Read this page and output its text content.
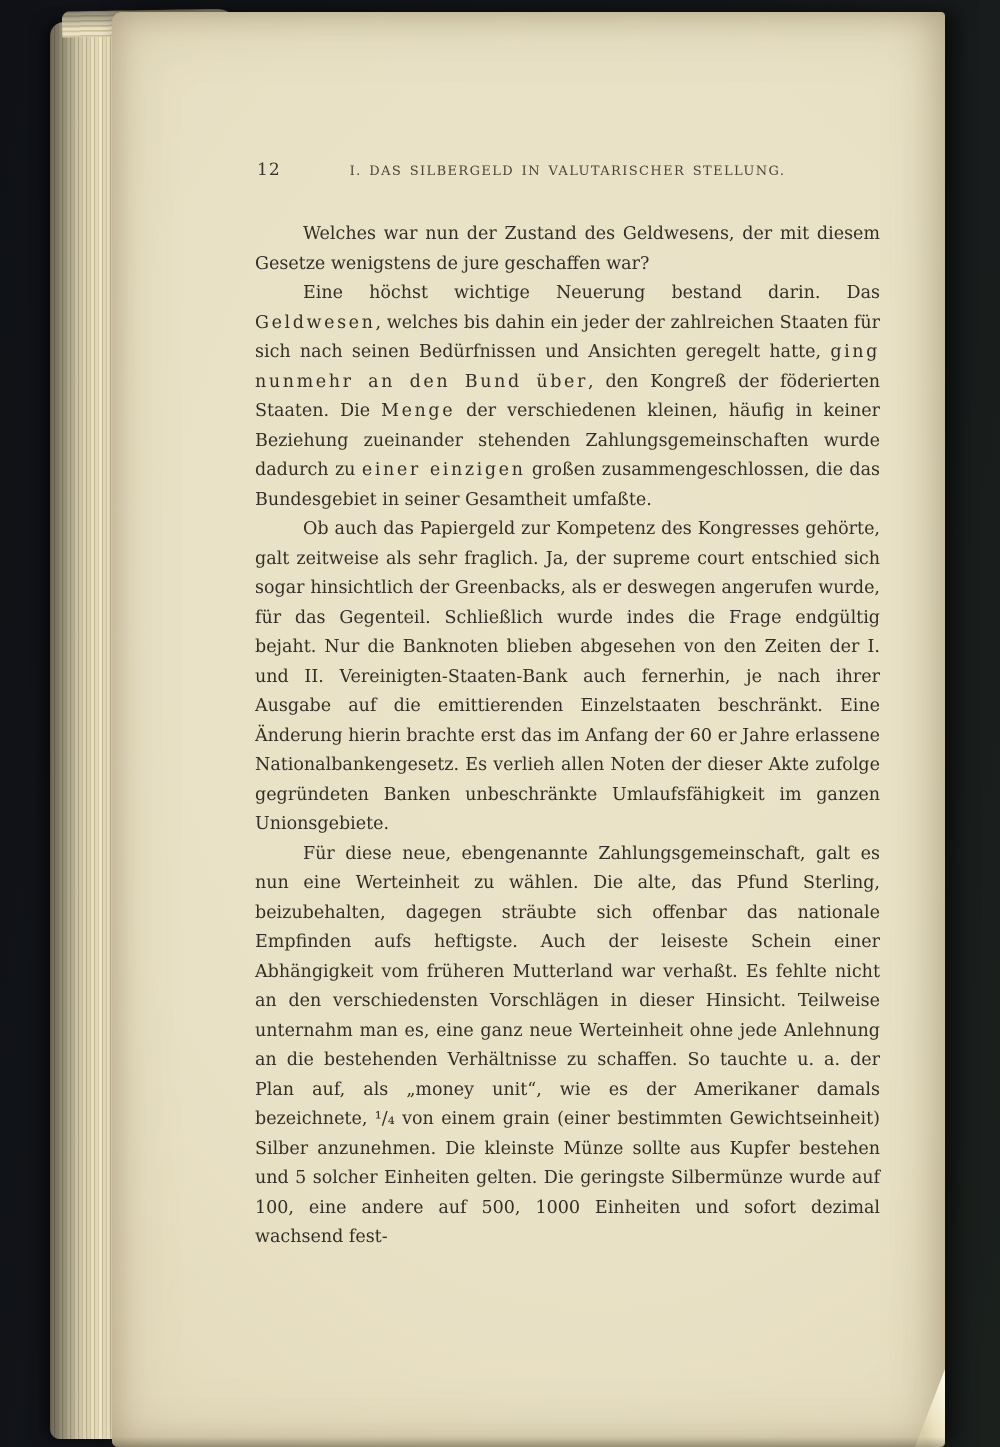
12	I. DAS SILBERGELD IN VALUTARISCHER STELLUNG.

Welches war nun der Zustand des Geldwesens, der mit diesem Gesetze wenigstens de jure geschaffen war?

Eine höchst wichtige Neuerung bestand darin. Das Geldwesen, welches bis dahin ein jeder der zahlreichen Staaten für sich nach seinen Bedürfnissen und Ansichten geregelt hatte, ging nunmehr an den Bund über, den Kongreß der föderierten Staaten. Die Menge der verschiedenen kleinen, häufig in keiner Beziehung zueinander stehenden Zahlungsgemeinschaften wurde dadurch zu einer einzigen großen zusammengeschlossen, die das Bundesgebiet in seiner Gesamtheit umfaßte.

Ob auch das Papiergeld zur Kompetenz des Kongresses gehörte, galt zeitweise als sehr fraglich. Ja, der supreme court entschied sich sogar hinsichtlich der Greenbacks, als er deswegen angerufen wurde, für das Gegenteil. Schließlich wurde indes die Frage endgültig bejaht. Nur die Banknoten blieben abgesehen von den Zeiten der I. und II. Vereinigten-Staaten-Bank auch fernerhin, je nach ihrer Ausgabe auf die emittierenden Einzelstaaten beschränkt. Eine Änderung hierin brachte erst das im Anfang der 60 er Jahre erlassene Nationalbankengesetz. Es verlieh allen Noten der dieser Akte zufolge gegründeten Banken unbeschränkte Umlaufsfähigkeit im ganzen Unionsgebiete.

Für diese neue, ebengenannte Zahlungsgemeinschaft, galt es nun eine Werteinheit zu wählen. Die alte, das Pfund Sterling, beizubehalten, dagegen sträubte sich offenbar das nationale Empfinden aufs heftigste. Auch der leiseste Schein einer Abhängigkeit vom früheren Mutterland war verhaßt. Es fehlte nicht an den verschiedensten Vorschlägen in dieser Hinsicht. Teilweise unternahm man es, eine ganz neue Werteinheit ohne jede Anlehnung an die bestehenden Verhältnisse zu schaffen. So tauchte u. a. der Plan auf, als „money unit“, wie es der Amerikaner damals bezeichnete, ¹/₄ von einem grain (einer bestimmten Gewichtseinheit) Silber anzunehmen. Die kleinste Münze sollte aus Kupfer bestehen und 5 solcher Einheiten gelten. Die geringste Silbermünze wurde auf 100, eine andere auf 500, 1000 Einheiten und sofort dezimal wachsend fest-
